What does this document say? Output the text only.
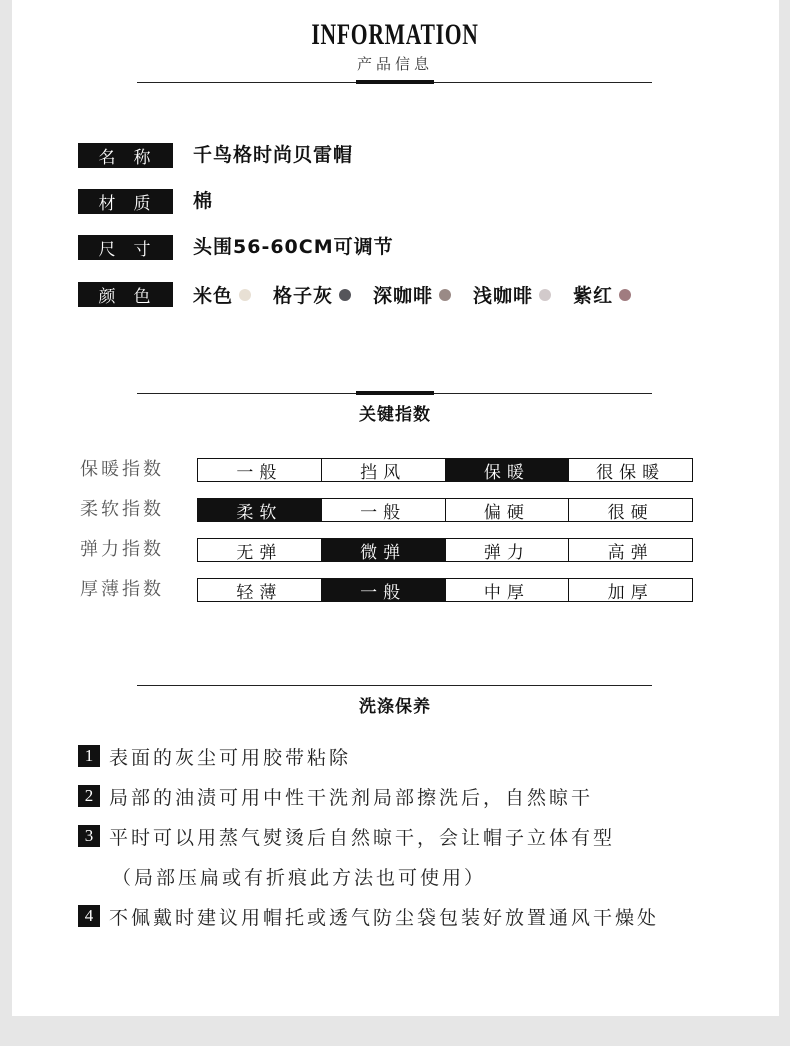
INFORMATION
产品信息
名 称 千鸟格时尚贝雷帽
材 质 棉
尺 寸 头围56-60CM可调节
颜 色 米色 格子灰 深咖啡 浅咖啡 紫红
关键指数
保暖指数	一般	挡风	保暖	很保暖
柔软指数	柔软	一般	偏硬	很硬
弹力指数	无弹	微弹	弹力	高弹
厚薄指数	轻薄	一般	中厚	加厚
洗涤保养
1 表面的灰尘可用胶带粘除
2 局部的油渍可用中性干洗剂局部擦洗后，自然晾干
3 平时可以用蒸气熨烫后自然晾干，会让帽子立体有型
（局部压扁或有折痕此方法也可使用）
4 不佩戴时建议用帽托或透气防尘袋包装好放置通风干燥处
